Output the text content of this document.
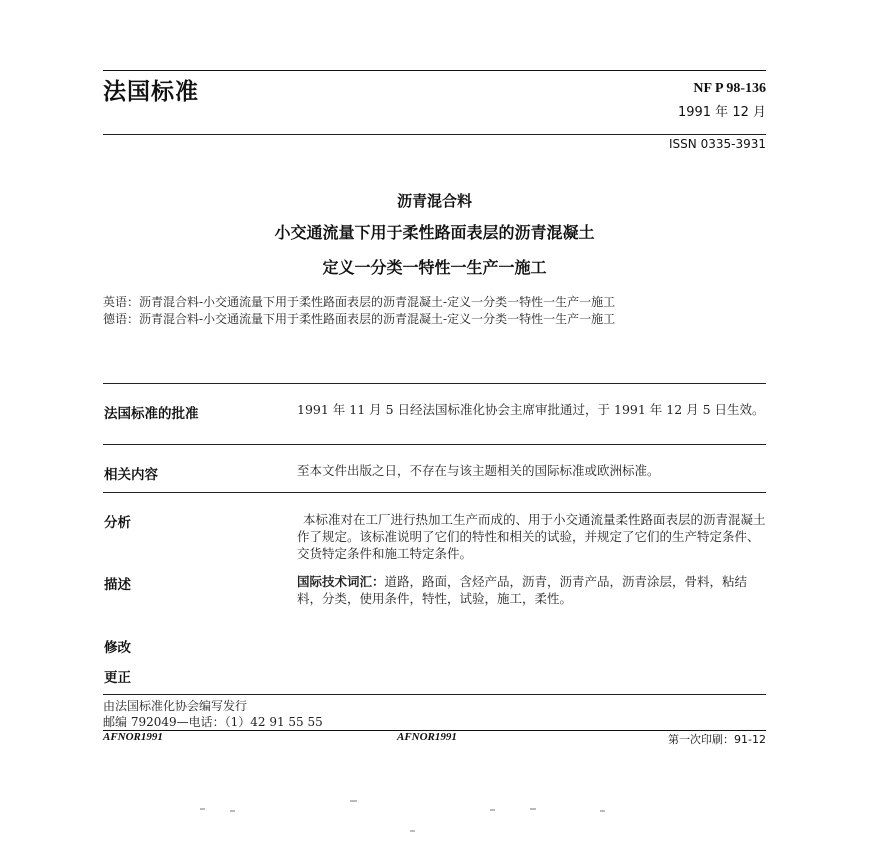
法国标准	NF P 98-136
1991 年 12 月
ISSN 0335-3931
沥青混合料
小交通流量下用于柔性路面表层的沥青混凝土
定义一分类一特性一生产一施工
英语：沥青混合料-小交通流量下用于柔性路面表层的沥青混凝土-定义一分类一特性一生产一施工
德语：沥青混合料-小交通流量下用于柔性路面表层的沥青混凝土-定义一分类一特性一生产一施工
法国标准的批准	1991 年 11 月 5 日经法国标准化协会主席审批通过，于 1991 年 12 月 5 日生效。
相关内容	至本文件出版之日，不存在与该主题相关的国际标准或欧洲标准。
分析	本标准对在工厂进行热加工生产而成的、用于小交通流量柔性路面表层的沥青混凝土作了规定。该标准说明了它们的特性和相关的试验，并规定了它们的生产特定条件、交货特定条件和施工特定条件。
描述	国际技术词汇：道路，路面，含烃产品，沥青，沥青产品，沥青涂层，骨料，粘结料，分类，使用条件，特性，试验，施工，柔性。
修改
更正
由法国标准化协会编写发行
邮编 792049—电话：（1）42 91 55 55
AFNOR1991	AFNOR1991	第一次印刷：91-12
